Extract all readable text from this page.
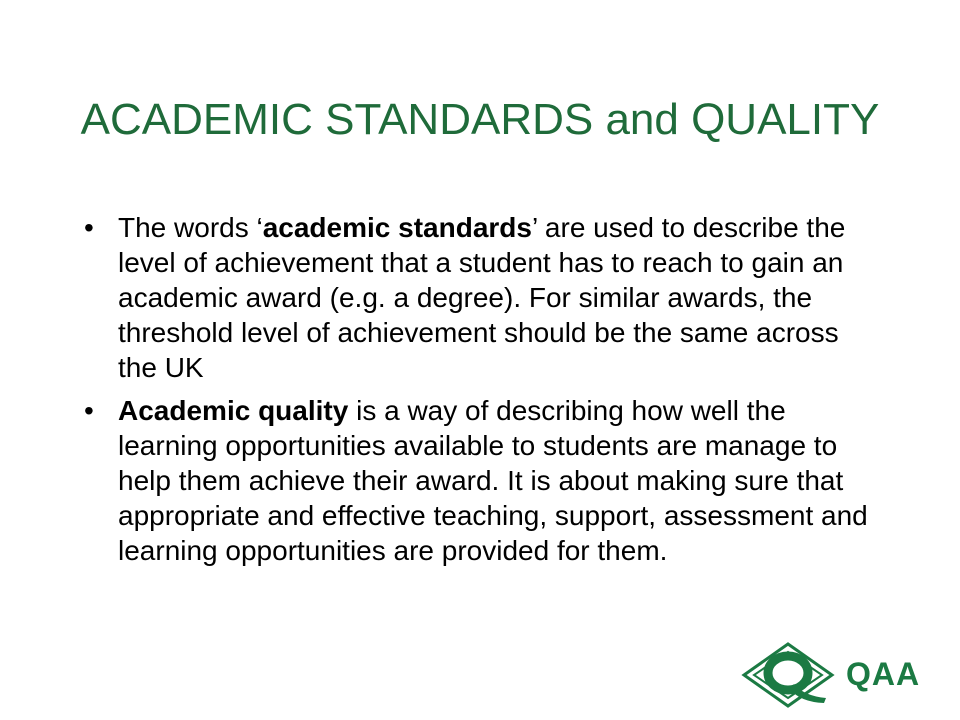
ACADEMIC STANDARDS and QUALITY
• The words ‘academic standards’ are used to describe the level of achievement that a student has to reach to gain an academic award (e.g. a degree). For similar awards, the threshold level of achievement should be the same across the UK
• Academic quality is a way of describing how well the learning opportunities available to students are manage to help them achieve their award. It is about making sure that appropriate and effective teaching, support, assessment and learning opportunities are provided for them.
QAA
